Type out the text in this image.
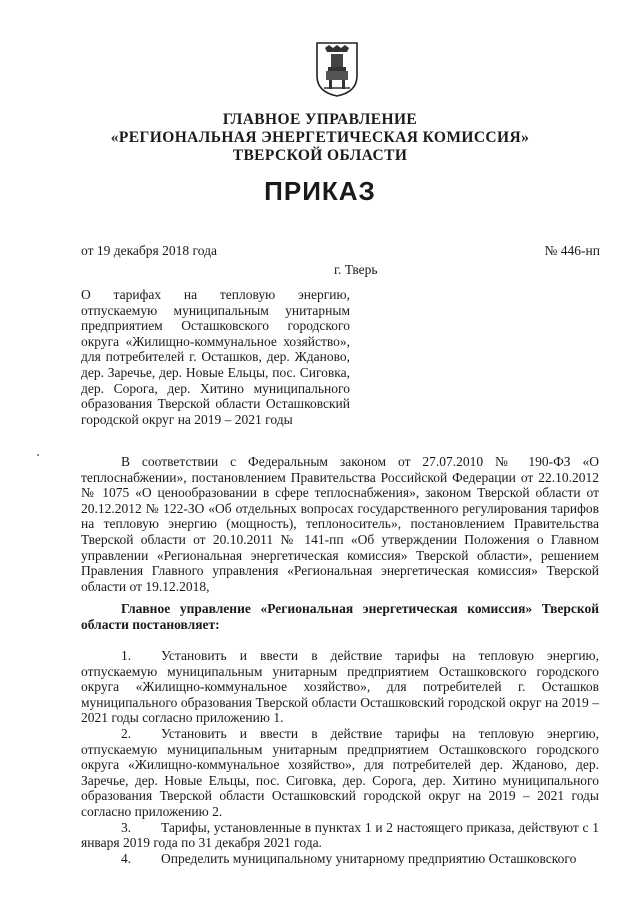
ГЛАВНОЕ УПРАВЛЕНИЕ
«РЕГИОНАЛЬНАЯ ЭНЕРГЕТИЧЕСКАЯ КОМИССИЯ»
ТВЕРСКОЙ ОБЛАСТИ
ПРИКАЗ
от 19 декабря 2018 года	№ 446-нп
г. Тверь
О тарифах на тепловую энергию, отпускаемую муниципальным унитарным предприятием Осташковского городского округа «Жилищно-коммунальное хозяйство», для потребителей г. Осташков, дер. Жданово, дер. Заречье, дер. Новые Ельцы, пос. Сиговка, дер. Сорога, дер. Хитино муниципального образования Тверской области Осташковский городской округ на 2019 – 2021 годы
В соответствии с Федеральным законом от 27.07.2010 № 190-ФЗ «О теплоснабжении», постановлением Правительства Российской Федерации от 22.10.2012 № 1075 «О ценообразовании в сфере теплоснабжения», законом Тверской области от 20.12.2012 № 122-ЗО «Об отдельных вопросах государственного регулирования тарифов на тепловую энергию (мощность), теплоноситель», постановлением Правительства Тверской области от 20.10.2011 № 141-пп «Об утверждении Положения о Главном управлении «Региональная энергетическая комиссия» Тверской области», решением Правления Главного управления «Региональная энергетическая комиссия» Тверской области от 19.12.2018,
Главное управление «Региональная энергетическая комиссия» Тверской области постановляет:

1. Установить и ввести в действие тарифы на тепловую энергию, отпускаемую муниципальным унитарным предприятием Осташковского городского округа «Жилищно-коммунальное хозяйство», для потребителей г. Осташков муниципального образования Тверской области Осташковский городской округ на 2019 – 2021 годы согласно приложению 1.

2. Установить и ввести в действие тарифы на тепловую энергию, отпускаемую муниципальным унитарным предприятием Осташковского городского округа «Жилищно-коммунальное хозяйство», для потребителей дер. Жданово, дер. Заречье, дер. Новые Ельцы, пос. Сиговка, дер. Сорога, дер. Хитино муниципального образования Тверской области Осташковский городской округ на 2019 – 2021 годы согласно приложению 2.

3. Тарифы, установленные в пунктах 1 и 2 настоящего приказа, действуют с 1 января 2019 года по 31 декабря 2021 года.

4. Определить муниципальному унитарному предприятию Осташковского
